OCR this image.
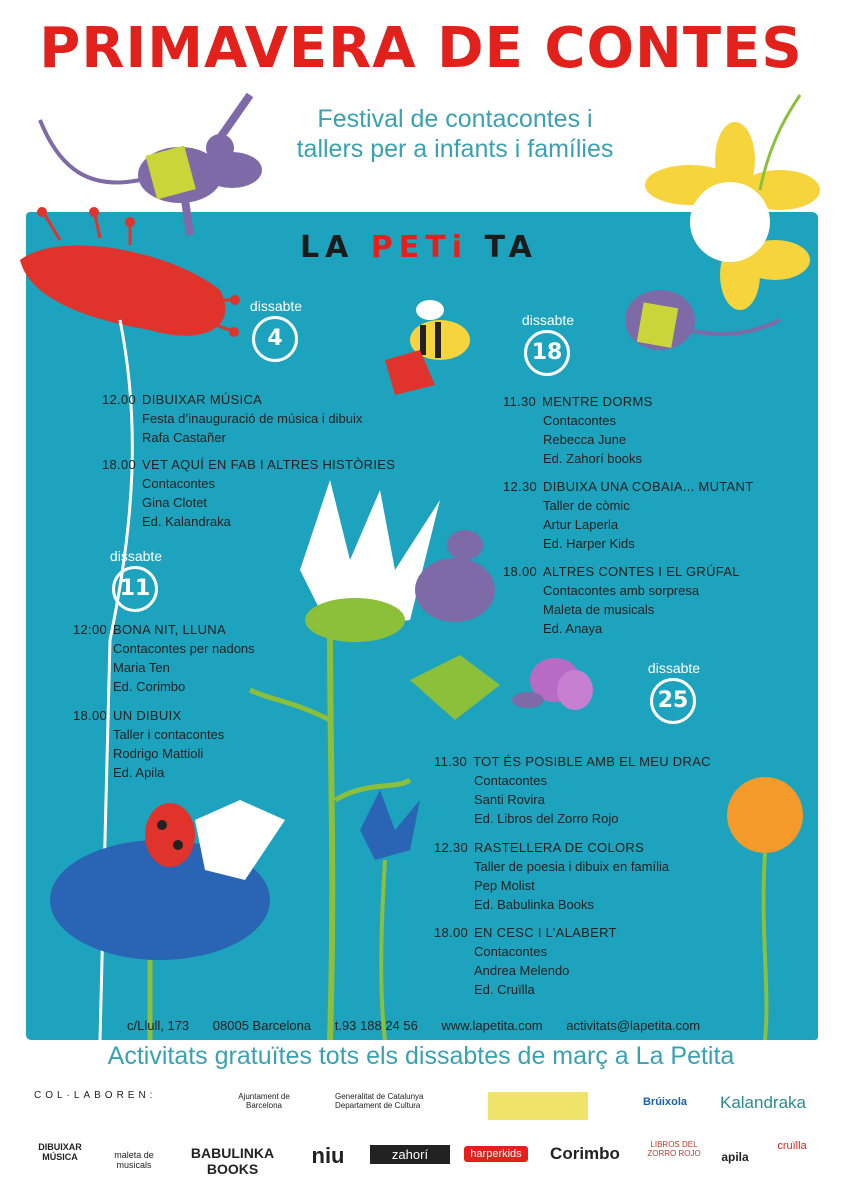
PRIMAVERA DE CONTES
Festival de contacontes i tallers per a infants i famílies
LA PETi TA
dissabte
4
dissabte
18
dissabte
11
dissabte
25
12.00 DIBUIXAR MÚSICA
Festa d’inauguració de música i dibuix
Rafa Castañer
18.00 VET AQUÍ EN FAB I ALTRES HISTÒRIES
Contacontes
Gina Clotet
Ed. Kalandraka
12:00 BONA NIT, LLUNA
Contacontes per nadons
Maria Ten
Ed. Corimbo
18.00 UN DIBUIX
Taller i contacontes
Rodrigo Mattioli
Ed. Apila
11.30 MENTRE DORMS
Contacontes
Rebecca June
Ed. Zahorí books
12.30 DIBUIXA UNA COBAIA... MUTANT
Taller de còmic
Artur Laperla
Ed. Harper Kids
18.00 ALTRES CONTES I EL GRÚFAL
Contacontes amb sorpresa
Maleta de musicals
Ed. Anaya
11.30 TOT ÉS POSIBLE AMB EL MEU DRAC
Contacontes
Santi Rovira
Ed. Libros del Zorro Rojo
12.30 RASTELLERA DE COLORS
Taller de poesia i dibuix en família
Pep Molist
Ed. Babulinka Books
18.00 EN CESC I L’ALABERT
Contacontes
Andrea Melendo
Ed. Cruïlla
c/Llull, 173 08005 Barcelona t.93 188 24 56 www.lapetita.com activitats@lapetita.com
Activitats gratuïtes tots els dissabtes de març a La Petita
COL·LABOREN:	Ajuntament de Barcelona
Generalitat de Catalunya Departament de Cultura	Brúixola	Kalandraka
DIBUIXAR MÚSICA	maleta de musicals
BABULINKA BOOKS
niu	zahorí	harperkids	Corimbo	LIBROS DEL ZORRO ROJO	apila
cruïlla
